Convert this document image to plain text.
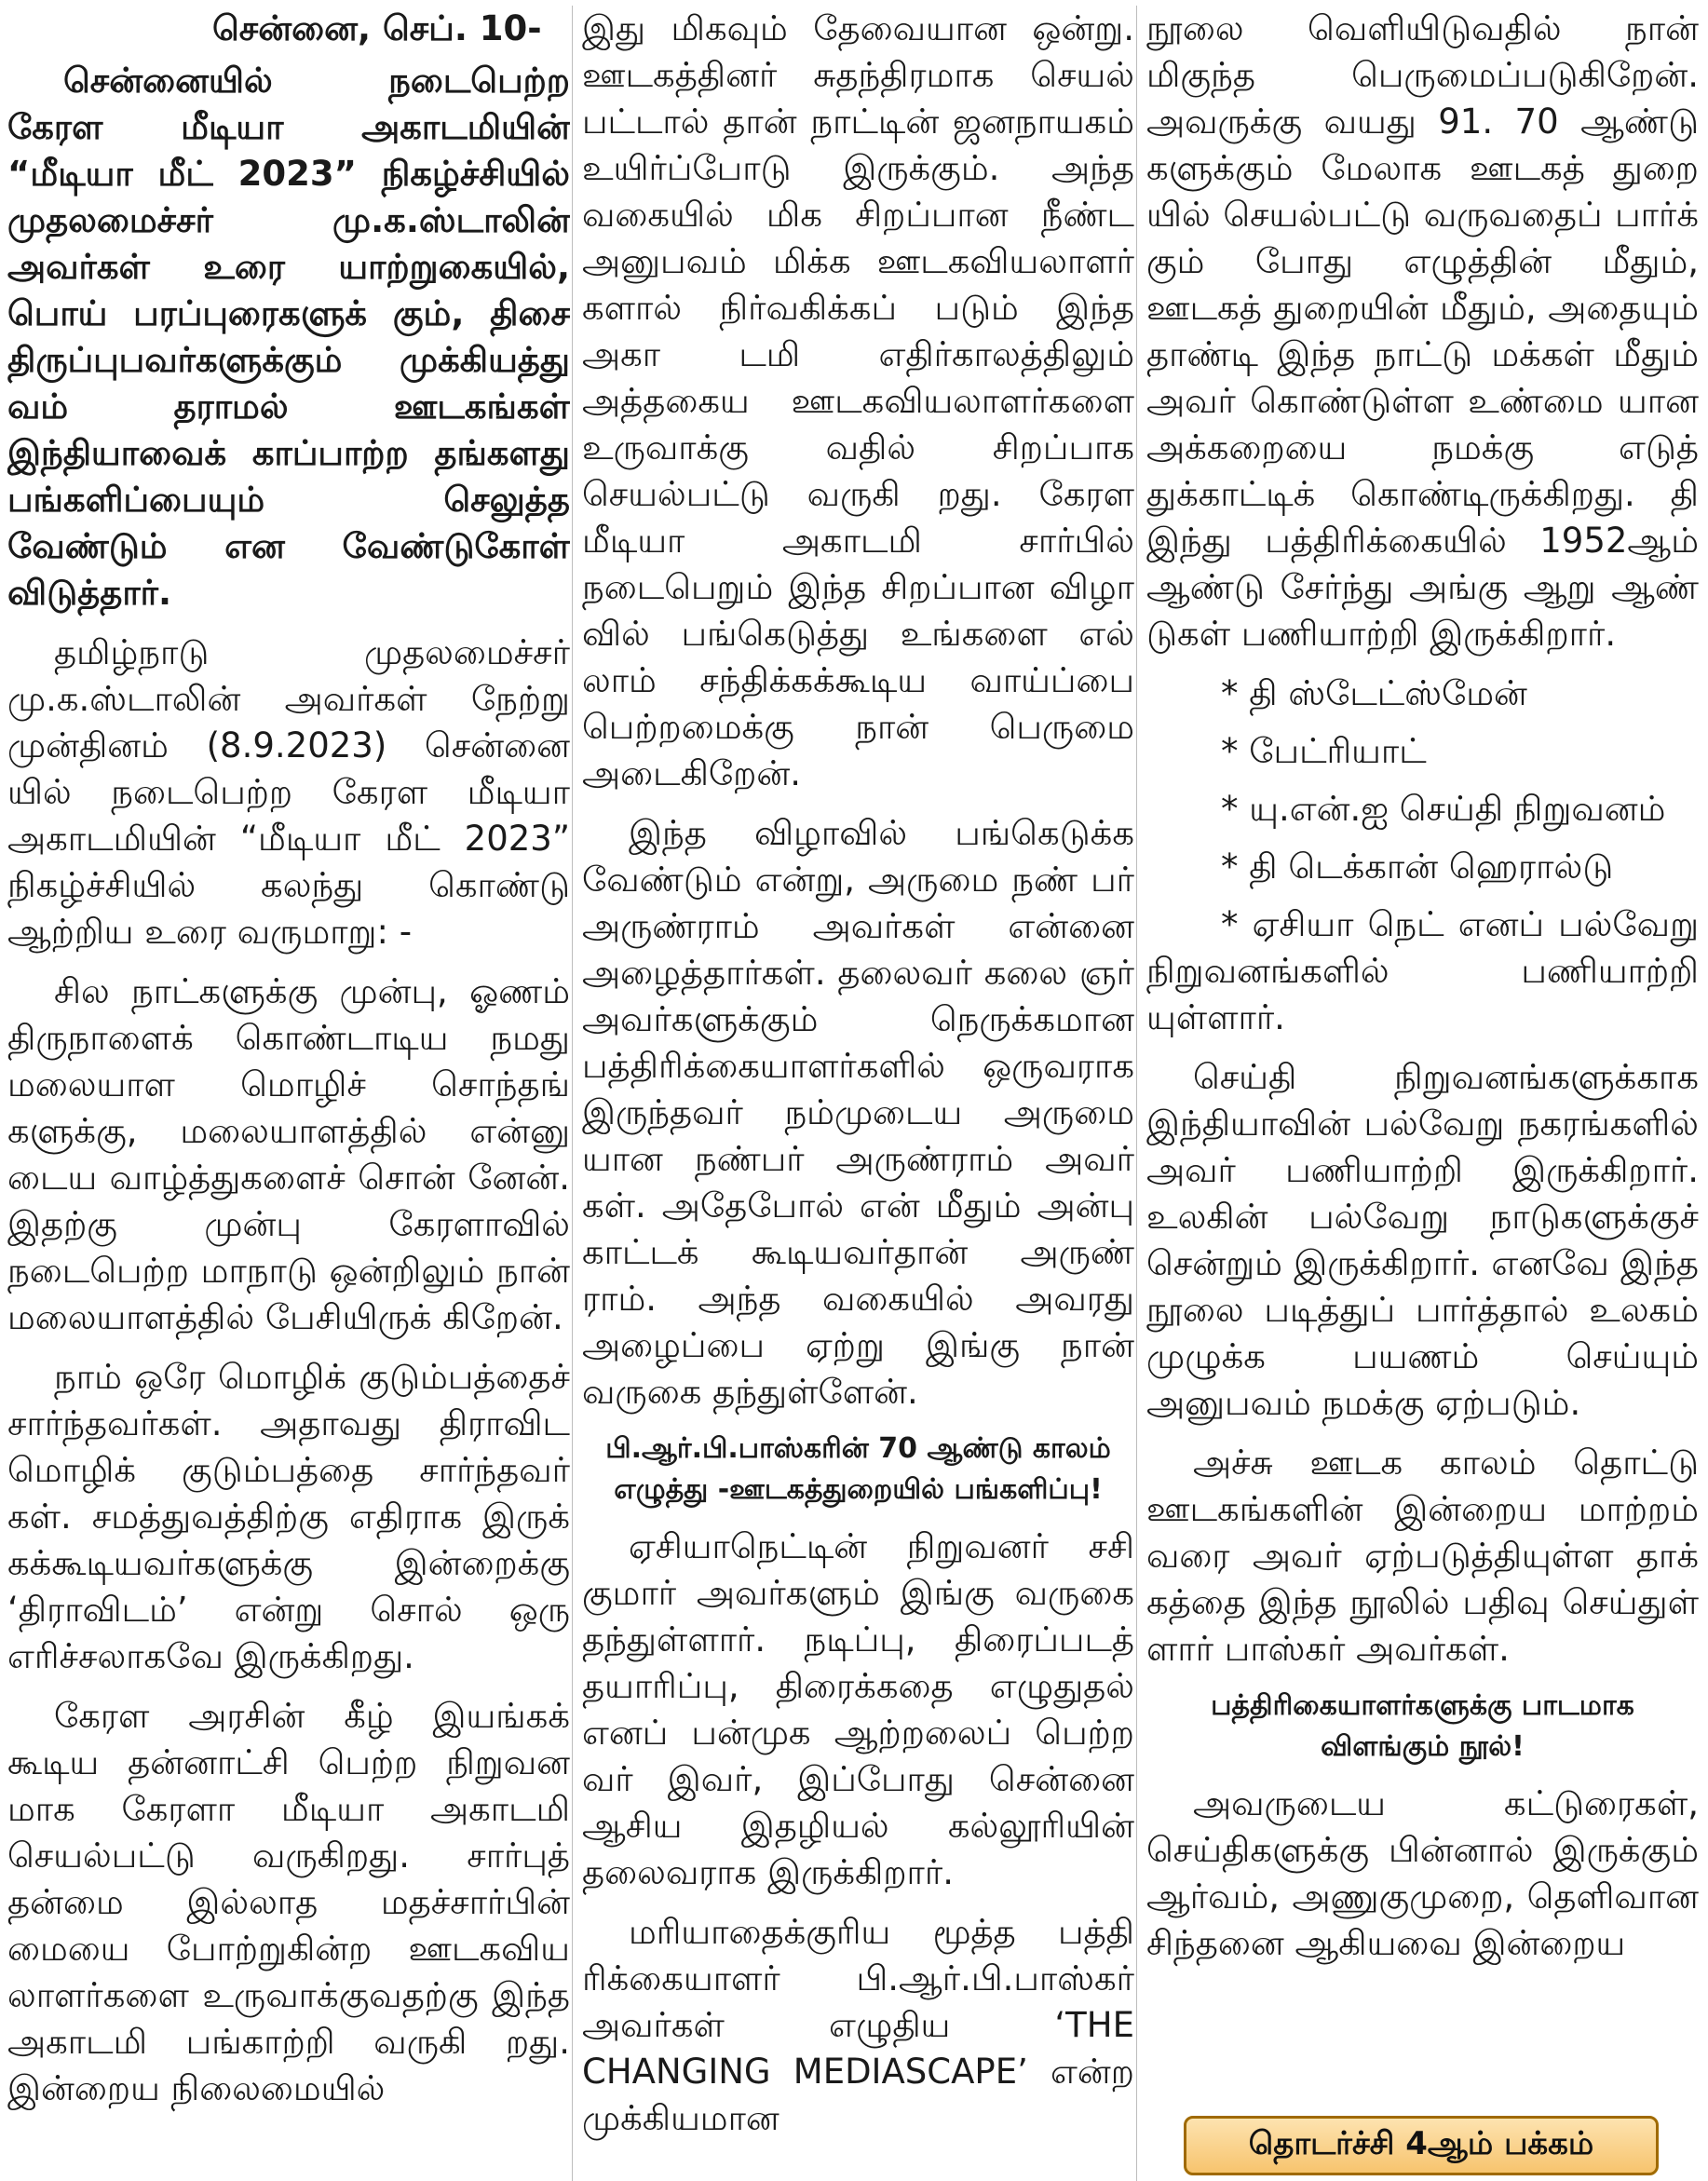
சென்னை, செப். 10-
சென்னையில் நடைபெற்ற கேரள மீடியா அகாடமியின் “மீடியா மீட் 2023” நிகழ்ச்சியில் முதலமைச்சர் மு.க.ஸ்டாலின் அவர்கள் உரை யாற்றுகையில், பொய் பரப்புரைகளுக் கும், திசை திருப்புபவர்களுக்கும் முக்கியத்து வம் தராமல் ஊடகங்கள் இந்தியாவைக் காப்பாற்ற தங்களது பங்களிப்பையும் செலுத்த வேண்டும் என வேண்டுகோள் விடுத்தார்.

தமிழ்நாடு முதலமைச்சர் மு.க.ஸ்டாலின் அவர்கள் நேற்று முன்தினம் (8.9.2023) சென்னை யில் நடைபெற்ற கேரள மீடியா அகாடமியின் “மீடியா மீட் 2023” நிகழ்ச்சியில் கலந்து கொண்டு ஆற்றிய உரை வருமாறு: -

சில நாட்களுக்கு முன்பு, ஓணம் திருநாளைக் கொண்டாடிய நமது மலையாள மொழிச் சொந்தங் களுக்கு, மலையாளத்தில் என்னு டைய வாழ்த்துகளைச் சொன் னேன். இதற்கு முன்பு கேரளாவில் நடைபெற்ற மாநாடு ஒன்றிலும் நான் மலையாளத்தில் பேசியிருக் கிறேன்.

நாம் ஒரே மொழிக் குடும்பத்தைச் சார்ந்தவர்கள். அதாவது திராவிட மொழிக் குடும்பத்தை சார்ந்தவர் கள். சமத்துவத்திற்கு எதிராக இருக் கக்கூடியவர்களுக்கு இன்றைக்கு ‘திராவிடம்’ என்று சொல் ஒரு எரிச்சலாகவே இருக்கிறது.

கேரள அரசின் கீழ் இயங்கக் கூடிய தன்னாட்சி பெற்ற நிறுவன மாக கேரளா மீடியா அகாடமி செயல்பட்டு வருகிறது. சார்புத் தன்மை இல்லாத மதச்சார்பின் மையை போற்றுகின்ற ஊடகவிய லாளர்களை உருவாக்குவதற்கு இந்த அகாடமி பங்காற்றி வருகி றது. இன்றைய நிலைமையில்

இது மிகவும் தேவையான ஒன்று. ஊடகத்தினர் சுதந்திரமாக செயல் பட்டால் தான் நாட்டின் ஜனநாயகம் உயிர்ப்போடு இருக்கும். அந்த வகையில் மிக சிறப்பான நீண்ட அனுபவம் மிக்க ஊடகவியலாளர் களால் நிர்வகிக்கப் படும் இந்த அகா டமி எதிர்காலத்திலும் அத்தகைய ஊடகவியலாளர்களை உருவாக்கு வதில் சிறப்பாக செயல்பட்டு வருகி றது. கேரள மீடியா அகாடமி சார்பில் நடைபெறும் இந்த சிறப்பான விழா வில் பங்கெடுத்து உங்களை எல் லாம் சந்திக்கக்கூடிய வாய்ப்பை பெற்றமைக்கு நான் பெருமை அடைகிறேன்.

இந்த விழாவில் பங்கெடுக்க வேண்டும் என்று, அருமை நண் பர் அருண்ராம் அவர்கள் என்னை அழைத்தார்கள். தலைவர் கலை ஞர் அவர்களுக்கும் நெருக்கமான பத்திரிக்கையாளர்களில் ஒருவராக இருந்தவர் நம்முடைய அருமை யான நண்பர் அருண்ராம் அவர் கள். அதேபோல் என் மீதும் அன்பு காட்டக் கூடியவர்தான் அருண் ராம். அந்த வகையில் அவரது அழைப்பை ஏற்று இங்கு நான் வருகை தந்துள்ளேன்.

பி.ஆர்.பி.பாஸ்கரின் 70 ஆண்டு காலம் எழுத்து -ஊடகத்துறையில் பங்களிப்பு!

ஏசியாநெட்டின் நிறுவனர் சசி குமார் அவர்களும் இங்கு வருகை தந்துள்ளார். நடிப்பு, திரைப்படத் தயாரிப்பு, திரைக்கதை எழுதுதல் எனப் பன்முக ஆற்றலைப் பெற்ற வர் இவர், இப்போது சென்னை ஆசிய இதழியல் கல்லூரியின் தலைவராக இருக்கிறார்.

மரியாதைக்குரிய மூத்த பத்தி ரிக்கையாளர் பி.ஆர்.பி.பாஸ்கர் அவர்கள் எழுதிய ‘THE CHANGING MEDIASCAPE’ என்ற முக்கியமான

நூலை வெளியிடுவதில் நான் மிகுந்த பெருமைப்படுகிறேன். அவருக்கு வயது 91. 70 ஆண்டு களுக்கும் மேலாக ஊடகத் துறை யில் செயல்பட்டு வருவதைப் பார்க் கும் போது எழுத்தின் மீதும், ஊடகத் துறையின் மீதும், அதையும் தாண்டி இந்த நாட்டு மக்கள் மீதும் அவர் கொண்டுள்ள உண்மை யான அக்கறையை நமக்கு எடுத் துக்காட்டிக் கொண்டிருக்கிறது. தி இந்து பத்திரிக்கையில் 1952ஆம் ஆண்டு சேர்ந்து அங்கு ஆறு ஆண் டுகள் பணியாற்றி இருக்கிறார்.

* தி ஸ்டேட்ஸ்மேன்
* பேட்ரியாட்
* யு.என்.ஐ செய்தி நிறுவனம்
* தி டெக்கான் ஹெரால்டு

* ஏசியா நெட் எனப் பல்வேறு நிறுவனங்களில் பணியாற்றி யுள்ளார்.

செய்தி நிறுவனங்களுக்காக இந்தியாவின் பல்வேறு நகரங்களில் அவர் பணியாற்றி இருக்கிறார். உலகின் பல்வேறு நாடுகளுக்குச் சென்றும் இருக்கிறார். எனவே இந்த நூலை படித்துப் பார்த்தால் உலகம் முழுக்க பயணம் செய்யும் அனுபவம் நமக்கு ஏற்படும்.

அச்சு ஊடக காலம் தொட்டு ஊடகங்களின் இன்றைய மாற்றம் வரை அவர் ஏற்படுத்தியுள்ள தாக் கத்தை இந்த நூலில் பதிவு செய்துள் ளார் பாஸ்கர் அவர்கள்.

பத்திரிகையாளர்களுக்கு பாடமாக விளங்கும் நூல்!

அவருடைய கட்டுரைகள், செய்திகளுக்கு பின்னால் இருக்கும் ஆர்வம், அணுகுமுறை, தெளிவான சிந்தனை ஆகியவை இன்றைய

தொடர்ச்சி 4ஆம் பக்கம்
